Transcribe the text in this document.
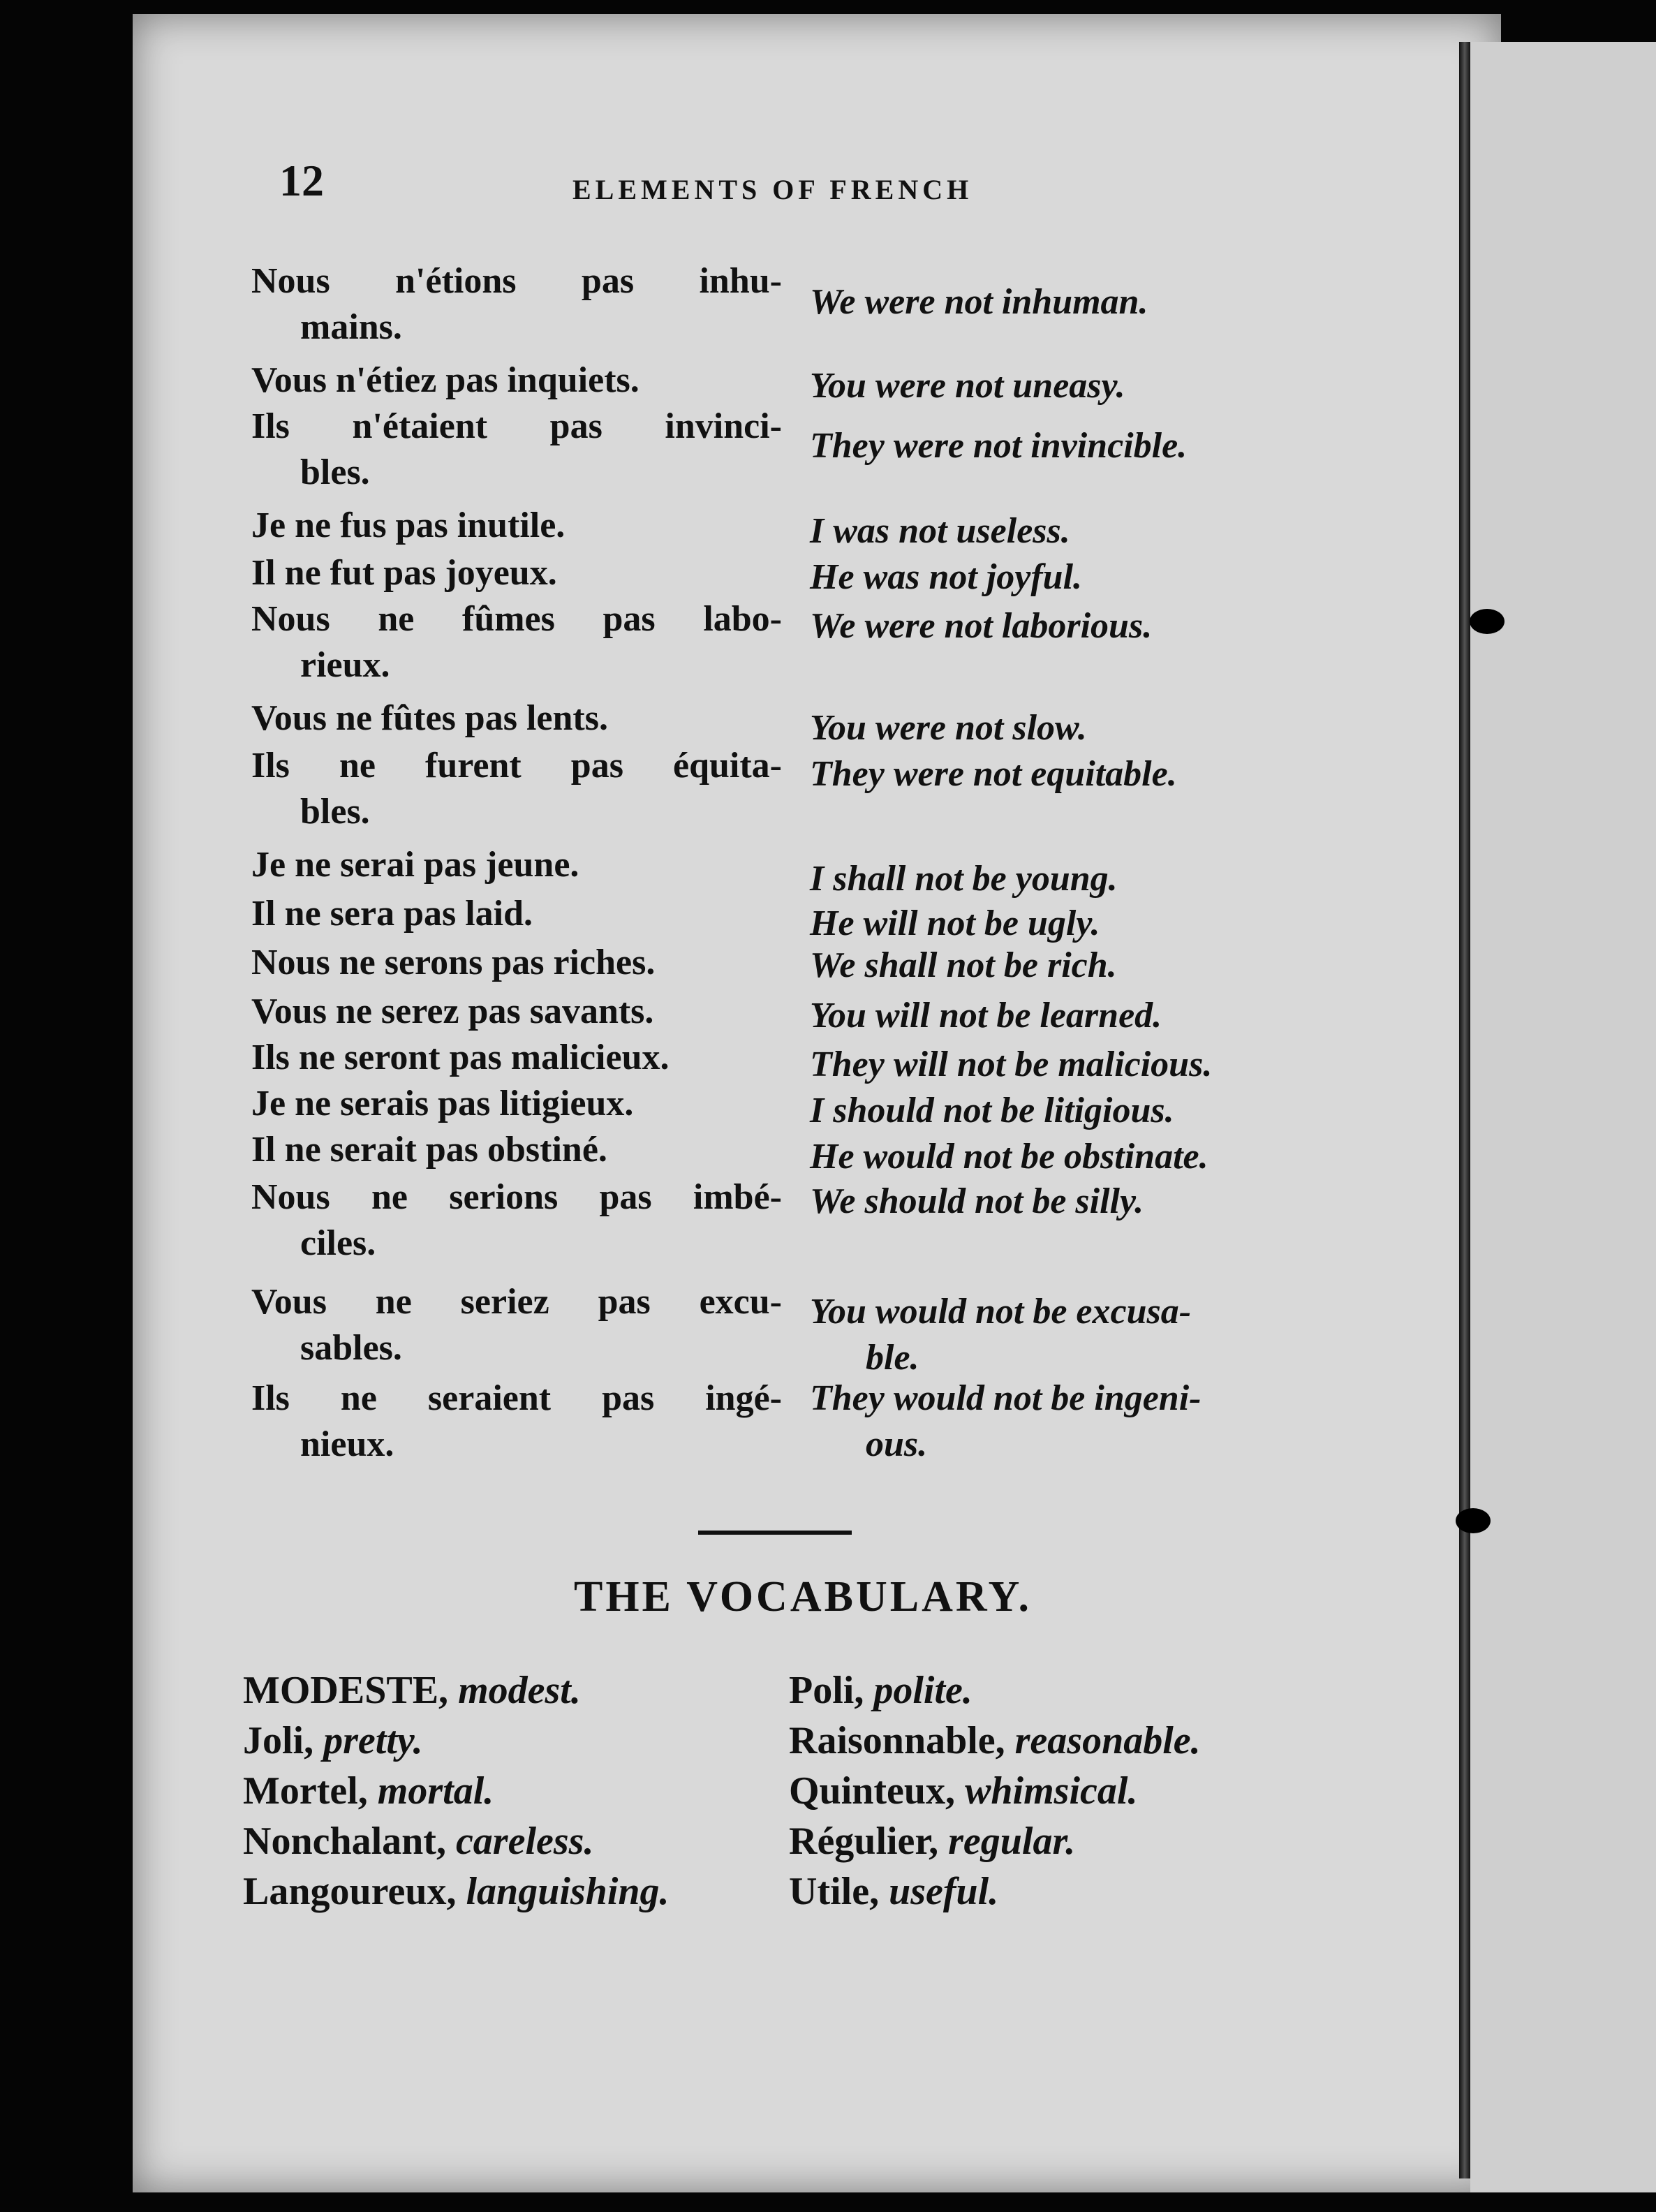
12	ELEMENTS OF FRENCH
Nous n'étions pas inhu-
mains.
We were not inhuman.
Vous n'étiez pas inquiets.	You were not uneasy.
Ils n'étaient pas invinci-
bles.
They were not invincible.
Je ne fus pas inutile.	I was not useless.
Il ne fut pas joyeux.	He was not joyful.
Nous ne fûmes pas labo-
rieux.
We were not laborious.
Vous ne fûtes pas lents.	You were not slow.
Ils ne furent pas équita-
bles.
They were not equitable.
Je ne serai pas jeune.	I shall not be young.
Il ne sera pas laid.	He will not be ugly.
Nous ne serons pas riches.	We shall not be rich.
Vous ne serez pas savants.	You will not be learned.
Ils ne seront pas malicieux.	They will not be malicious.
Je ne serais pas litigieux.	I should not be litigious.
Il ne serait pas obstiné.	He would not be obstinate.
Nous ne serions pas imbé-
ciles.
We should not be silly.
Vous ne seriez pas excu-
sables.
You would not be excusa-
ble.
Ils ne seraient pas ingé-
nieux.
They would not be ingeni-
ous.
THE VOCABULARY.
MODESTE, modest.
Joli, pretty.
Mortel, mortal.
Nonchalant, careless.
Langoureux, languishing.
Poli, polite.
Raisonnable, reasonable.
Quinteux, whimsical.
Régulier, regular.
Utile, useful.
